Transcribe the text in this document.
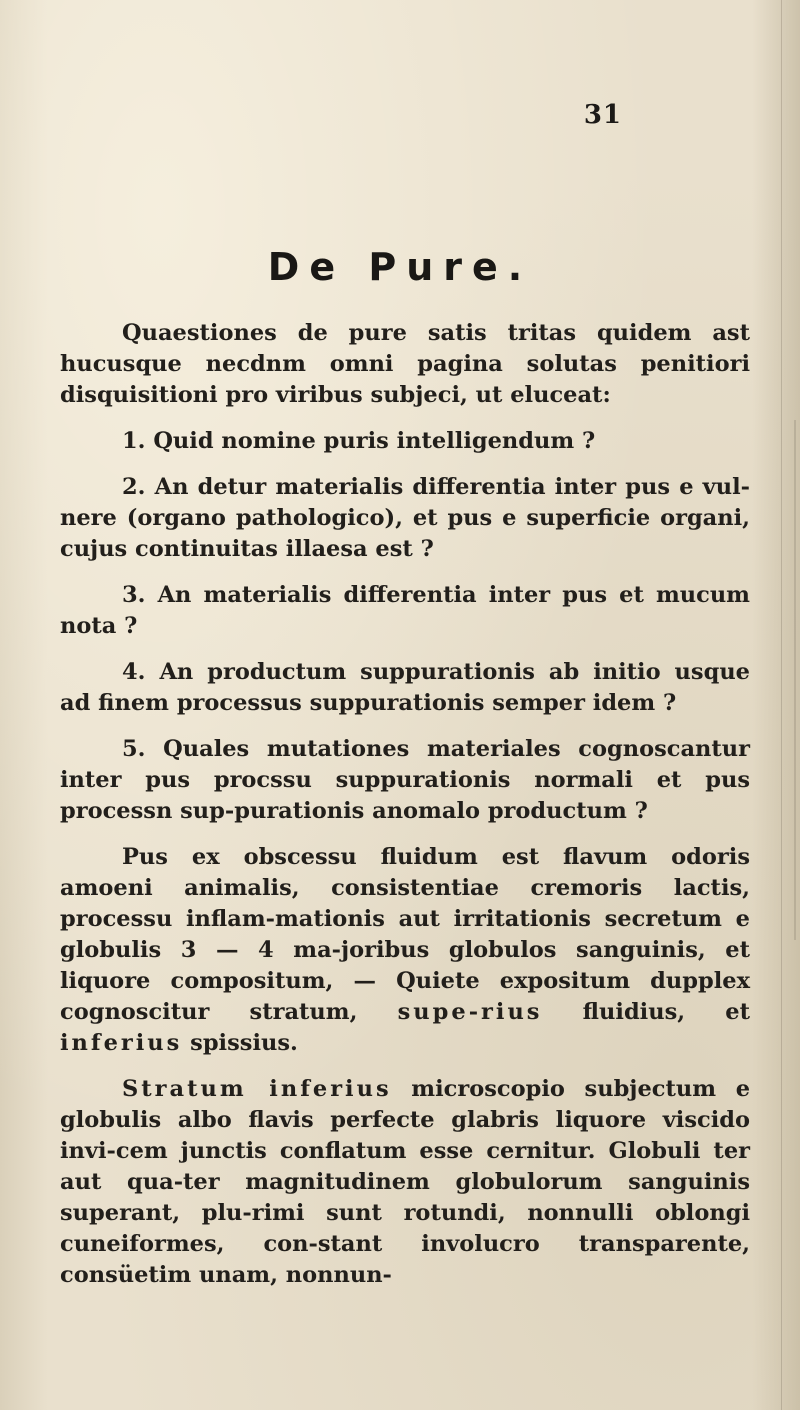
31
De Pure.

Quaestiones de pure satis tritas quidem ast hucusque necdnm omni pagina solutas penitiori disquisitioni pro viribus subjeci, ut eluceat:

1. Quid nomine puris intelligendum ?

2. An detur materialis differentia inter pus e vul-nere (organo pathologico), et pus e superficie organi, cujus continuitas illaesa est ?

3. An materialis differentia inter pus et mucum nota ?

4. An productum suppurationis ab initio usque ad finem processus suppurationis semper idem ?

5. Quales mutationes materiales cognoscantur inter pus procssu suppurationis normali et pus processn sup-purationis anomalo productum ?

Pus ex obscessu fluidum est flavum odoris amoeni animalis, consistentiae cremoris lactis, processu inflam-mationis aut irritationis secretum e globulis 3 — 4 ma-joribus globulos sanguinis, et liquore compositum, — Quiete expositum dupplex cognoscitur stratum, supe-rius fluidius, et inferius spissius.

Stratum inferius microscopio subjectum e globulis albo flavis perfecte glabris liquore viscido invi-cem junctis conflatum esse cernitur. Globuli ter aut qua-ter magnitudinem globulorum sanguinis superant, plu-rimi sunt rotundi, nonnulli oblongi cuneiformes, con-stant involucro transparente, consüetim unam, nonnun-
